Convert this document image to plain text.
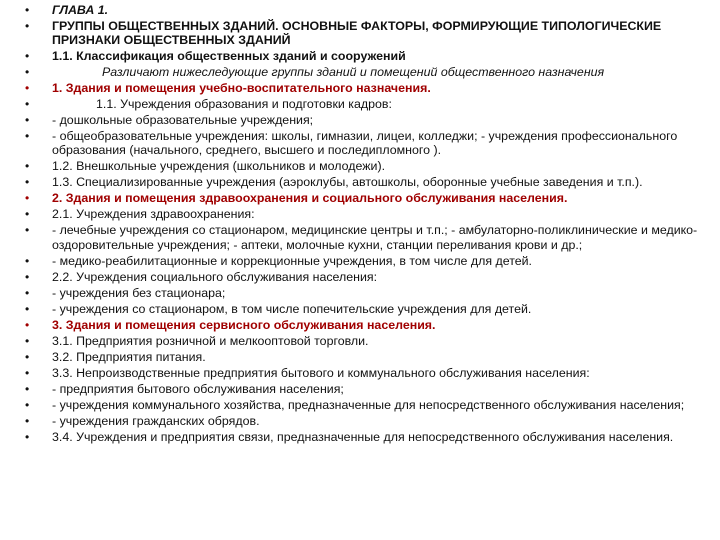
• ГЛАВА 1.
• ГРУППЫ ОБЩЕСТВЕННЫХ ЗДАНИЙ. ОСНОВНЫЕ ФАКТОРЫ, ФОРМИРУЮЩИЕ ТИПОЛОГИЧЕСКИЕ ПРИЗНАКИ ОБЩЕСТВЕННЫХ ЗДАНИЙ
• 1.1. Классификация общественных зданий и сооружений
•	Различают нижеследующие группы зданий и помещений общественного назначения
• 1. Здания и помещения учебно-воспитательного назначения.
•	1.1. Учреждения образования и подготовки кадров:
• - дошкольные образовательные учреждения;
• - общеобразовательные учреждения: школы, гимназии, лицеи, колледжи; - учреждения профессионального образования (начального, среднего, высшего и последипломного ).
• 1.2. Внешкольные учреждения (школьников и молодежи).
• 1.3. Специализированные учреждения (аэроклубы, автошколы, оборонные учебные заведения и т.п.).
• 2. Здания и помещения здравоохранения и социального обслуживания населения.
• 2.1. Учреждения здравоохранения:
• - лечебные учреждения со стационаром, медицинские центры и т.п.; - амбулаторно-поликлинические и медико-оздоровительные учреждения; - аптеки, молочные кухни, станции переливания крови и др.;
• - медико-реабилитационные и коррекционные учреждения, в том числе для детей.
• 2.2. Учреждения социального обслуживания населения:
• - учреждения без стационара;
• - учреждения со стационаром, в том числе попечительские учреждения для детей.
• 3. Здания и помещения сервисного обслуживания населения.
• 3.1. Предприятия розничной и мелкооптовой торговли.
• 3.2. Предприятия питания.
• 3.3. Непроизводственные предприятия бытового и коммунального обслуживания населения:
• - предприятия бытового обслуживания населения;
• - учреждения коммунального хозяйства, предназначенные для непосредственного обслуживания населения;
• - учреждения гражданских обрядов.
• 3.4. Учреждения и предприятия связи, предназначенные для непосредственного обслуживания населения.
